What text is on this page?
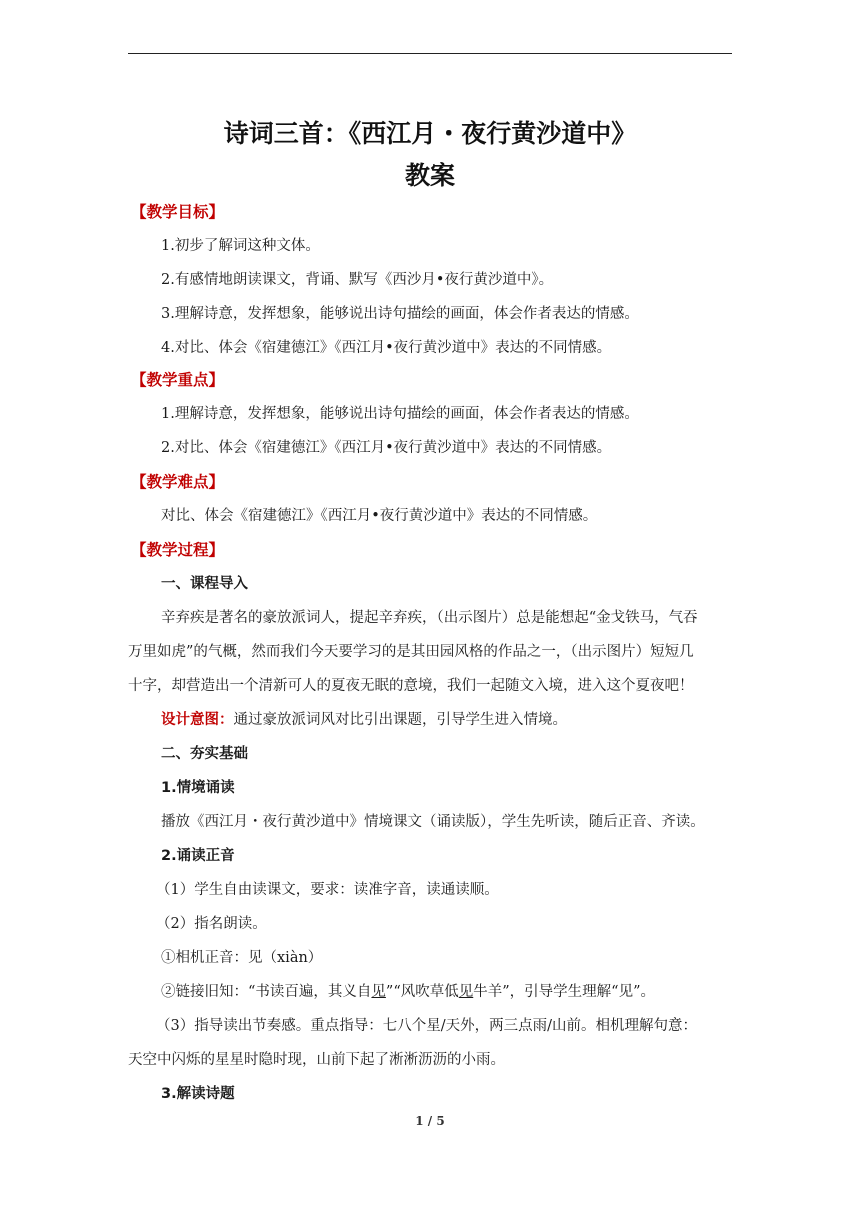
诗词三首：《西江月・夜行黄沙道中》
教案
【教学目标】
1.初步了解词这种文体。
2.有感情地朗读课文，背诵、默写《西沙月•夜行黄沙道中》。
3.理解诗意，发挥想象，能够说出诗句描绘的画面，体会作者表达的情感。
4.对比、体会《宿建德江》《西江月•夜行黄沙道中》表达的不同情感。
【教学重点】
1.理解诗意，发挥想象，能够说出诗句描绘的画面，体会作者表达的情感。
2.对比、体会《宿建德江》《西江月•夜行黄沙道中》表达的不同情感。
【教学难点】
对比、体会《宿建德江》《西江月•夜行黄沙道中》表达的不同情感。
【教学过程】
一、课程导入
辛弃疾是著名的豪放派词人，提起辛弃疾，（出示图片）总是能想起“金戈铁马，气吞
万里如虎”的气概，然而我们今天要学习的是其田园风格的作品之一，（出示图片）短短几
十字，却营造出一个清新可人的夏夜无眠的意境，我们一起随文入境，进入这个夏夜吧！
设计意图：通过豪放派词风对比引出课题，引导学生进入情境。
二、夯实基础
1.情境诵读
播放《西江月・夜行黄沙道中》情境课文（诵读版），学生先听读，随后正音、齐读。
2.诵读正音
（1）学生自由读课文，要求：读准字音，读通读顺。
（2）指名朗读。
①相机正音：见（xiàn）
②链接旧知：“书读百遍，其义自见”“风吹草低见牛羊”，引导学生理解“见”。
（3）指导读出节奏感。重点指导：七八个星/天外，两三点雨/山前。相机理解句意：
天空中闪烁的星星时隐时现，山前下起了淅淅沥沥的小雨。
3.解读诗题
1 / 5
